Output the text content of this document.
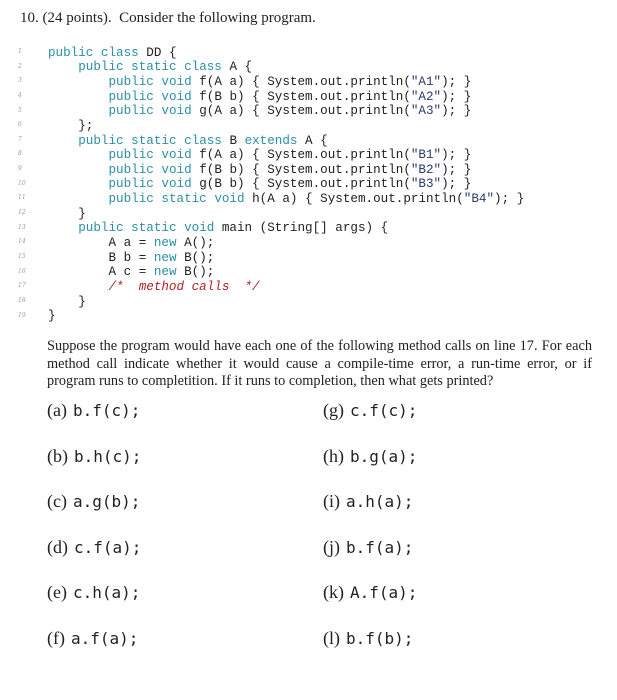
10. (24 points).  Consider the following program.
1 public class DD {
2	public static class A {
3	public void f(A a) { System.out.println("A1"); }
4	public void f(B b) { System.out.println("A2"); }
5	public void g(A a) { System.out.println("A3"); }
6    };
7	public static class B extends A {
8	public void f(A a) { System.out.println("B1"); }
9	public void f(B b) { System.out.println("B2"); }
10	public void g(B b) { System.out.println("B3"); }
11	public static void h(A a) { System.out.println("B4"); }
12    }
13	public static void main (String[] args) {
14	A a = new A();
15	B b = new B();
16	A c = new B();
17	/*  method calls  */
18    }
19 }
Suppose the program would have each one of the following method calls on line 17. For each method call indicate whether it would cause a compile-time error, a run-time error, or if program runs to completition. If it runs to completion, then what gets printed?
(a) b.f(c);
(b) b.h(c);
(c) a.g(b);
(d) c.f(a);
(e) c.h(a);
(f) a.f(a);
(g) c.f(c);
(h) b.g(a);
(i) a.h(a);
(j) b.f(a);
(k) A.f(a);
(l) b.f(b);
